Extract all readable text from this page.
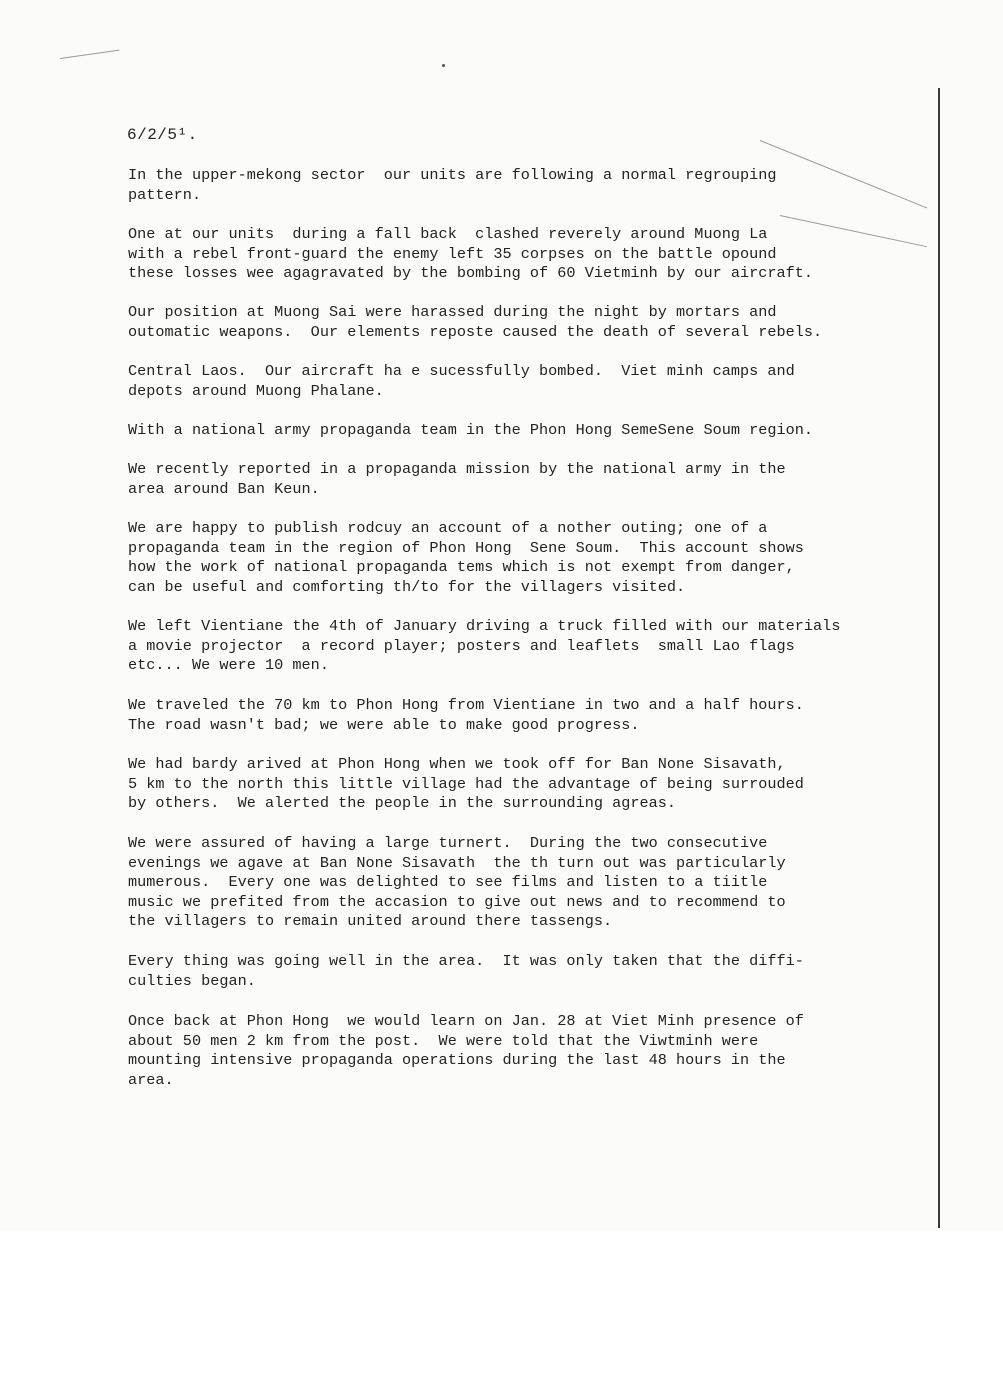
6/2/5¹.
In the upper-mekong sector  our units are following a normal regrouping
pattern.
One at our units  during a fall back  clashed reverely around Muong La
with a rebel front-guard the enemy left 35 corpses on the battle opound
these losses wee agagravated by the bombing of 60 Vietminh by our aircraft.
Our position at Muong Sai were harassed during the night by mortars and
outomatic weapons.  Our elements reposte caused the death of several rebels.
Central Laos.  Our aircraft ha e sucessfully bombed.  Viet minh camps and
depots around Muong Phalane.
With a national army propaganda team in the Phon Hong SemeSene Soum region.
We recently reported in a propaganda mission by the national army in the
area around Ban Keun.
We are happy to publish rodcuy an account of a nother outing; one of a
propaganda team in the region of Phon Hong  Sene Soum.  This account shows
how the work of national propaganda tems which is not exempt from danger,
can be useful and comforting th/to for the villagers visited.
We left Vientiane the 4th of January driving a truck filled with our materials
a movie projector  a record player; posters and leaflets  small Lao flags
etc... We were 10 men.
We traveled the 70 km to Phon Hong from Vientiane in two and a half hours.
The road wasn't bad; we were able to make good progress.
We had bardy arived at Phon Hong when we took off for Ban None Sisavath,
5 km to the north this little village had the advantage of being surrouded
by others.  We alerted the people in the surrounding agreas.
We were assured of having a large turnert.  During the two consecutive
evenings we agave at Ban None Sisavath  the th turn out was particularly
mumerous.  Every one was delighted to see films and listen to a tiitle
music we prefited from the accasion to give out news and to recommend to
the villagers to remain united around there tassengs.
Every thing was going well in the area.  It was only taken that the diffi-
culties began.
Once back at Phon Hong  we would learn on Jan. 28 at Viet Minh presence of
about 50 men 2 km from the post.  We were told that the Viwtminh were
mounting intensive propaganda operations during the last 48 hours in the
area.
